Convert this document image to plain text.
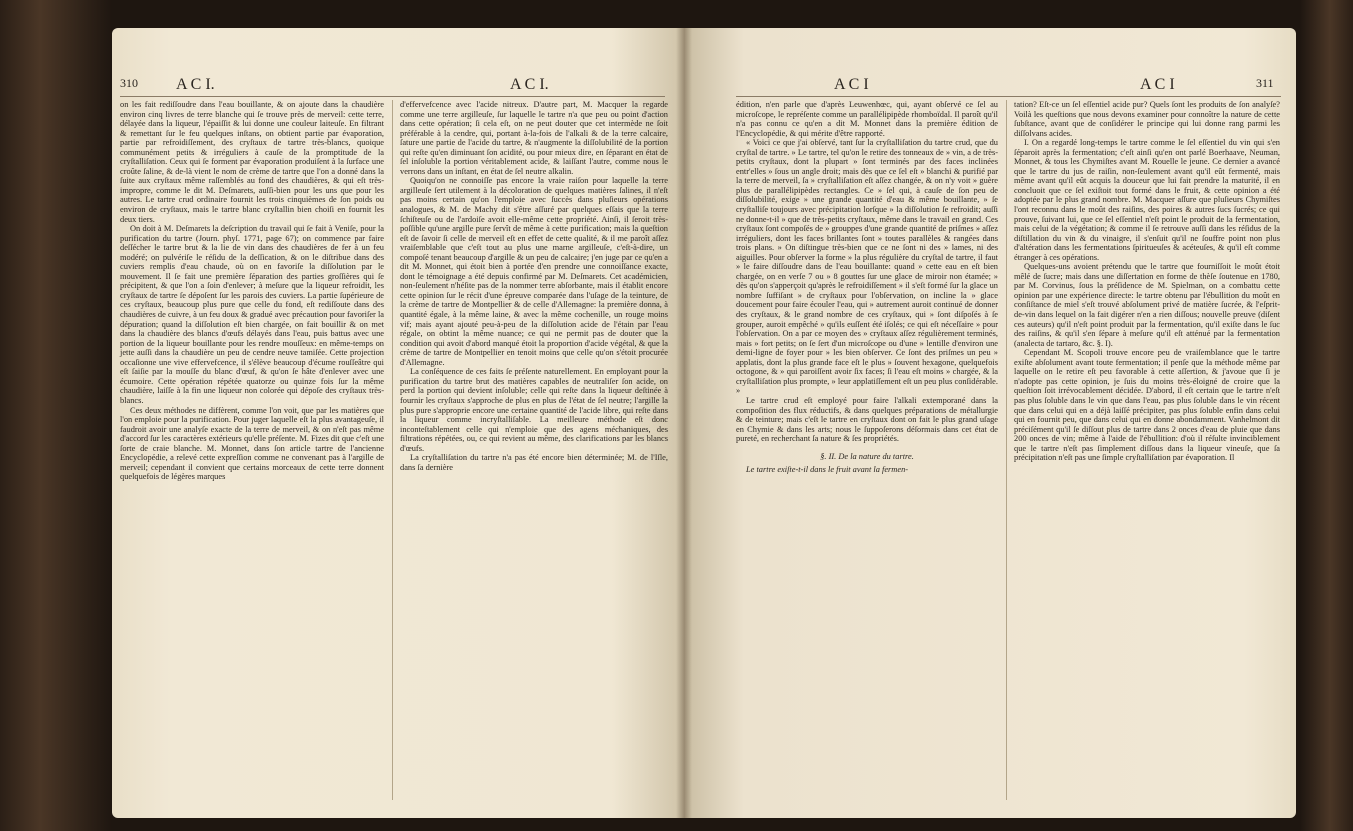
310 A C I.	A C I.

on les fait rediſſoudre dans l'eau bouillante, & on ajoute dans la chaudière environ cinq livres de terre blanche qui ſe trouve près de merveil: cette terre, délayée dans la liqueur, l'épaiſſit & lui donne une couleur laiteuſe. En filtrant & remettant ſur le feu quelques inſtans, on obtient partie par évaporation, partie par refroidiſſement, des cryſtaux de tartre très-blancs, quoique communément petits & irréguliers à cauſe de la promptitude de la cryſtalliſation. Ceux qui ſe forment par évaporation produiſent à la ſurface une croûte ſaline, & de-là vient le nom de crème de tartre que l'on a donné dans la ſuite aux cryſtaux même raſſemblés au fond des chaudières, & qui eſt très-impropre, comme le dit M. Deſmarets, auſſi-bien pour les uns que pour les autres. Le tartre crud ordinaire fournit les trois cinquièmes de ſon poids ou environ de cryſtaux, mais le tartre blanc cryſtallin bien choiſi en fournit les deux tiers.

On doit à M. Deſmarets la deſcription du travail qui ſe fait à Veniſe, pour la purification du tartre (Journ. phyſ. 1771, page 67); on commence par faire deſſécher le tartre brut & la lie de vin dans des chaudières de fer à un feu modéré; on pulvériſe le réſidu de la deſſication, & on le diſtribue dans des cuviers remplis d'eau chaude, où on en favoriſe la diſſolution par le mouvement. Il ſe fait une première ſéparation des parties groſſières qui ſe précipitent, & que l'on a ſoin d'enlever; à meſure que la liqueur refroidit, les cryſtaux de tartre ſe dépoſent ſur les parois des cuviers. La partie ſupérieure de ces cryſtaux, beaucoup plus pure que celle du fond, eſt rediſſoute dans des chaudières de cuivre, à un feu doux & gradué avec précaution pour favoriſer la dépuration; quand la diſſolution eſt bien chargée, on fait bouillir & on met dans la chaudière des blancs d'œufs délayés dans l'eau, puis battus avec une portion de la liqueur bouillante pour les rendre mouſſeux: en même-temps on jette auſſi dans la chaudière un peu de cendre neuve tamiſée. Cette projection occaſionne une vive effervefcence, il s'élève beaucoup d'écume rouſſeâtre qui eſt ſaiſie par la mouſſe du blanc d'œuf, & qu'on ſe hâte d'enlever avec une écumoire. Cette opération répétée quatorze ou quinze fois ſur la même chaudière, laiſſe à la fin une liqueur non colorée qui dépoſe des cryſtaux très-blancs.

Ces deux méthodes ne diffèrent, comme l'on voit, que par les matières que l'on emploie pour la purification. Pour juger laquelle eſt la plus avantageuſe, il faudroit avoir une analyſe exacte de la terre de merveil, & on n'eſt pas même d'accord ſur les caractères extérieurs qu'elle préſente. M. Fizes dit que c'eſt une ſorte de craie blanche. M. Monnet, dans ſon article tartre de l'ancienne Encyclopédie, a relevé cette expreſſion comme ne convenant pas à l'argille de merveil; cependant il convient que certains morceaux de cette terre donnent quelquefois de légères marques

d'effervefcence avec l'acide nitreux. D'autre part, M. Macquer la regarde comme une terre argilleuſe, ſur laquelle le tartre n'a que peu ou point d'action dans cette opération; ſi cela eſt, on ne peut douter que cet intermède ne ſoit préférable à la cendre, qui, portant à-la-fois de l'alkali & de la terre calcaire, ſature une partie de l'acide du tartre, & n'augmente la diſſolubilité de la portion qui reſte qu'en diminuant ſon acidité, ou pour mieux dire, en ſéparant en état de ſel inſoluble la portion véritablement acide, & laiſſant l'autre, comme nous le verrons dans un inſtant, en état de ſel neutre alkalin.

Quoiqu'on ne connoiſſe pas encore la vraie raiſon pour laquelle la terre argilleuſe ſert utilement à la décoloration de quelques matières ſalines, il n'eſt pas moins certain qu'on l'emploie avec ſuccès dans pluſieurs opérations analogues, & M. de Machy dit s'être aſſuré par quelques eſſais que la terre ſchiſteuſe ou de l'ardoiſe avoit elle-même cette propriété. Ainſi, il ſeroit très-poſſible qu'une argille pure ſervît de même à cette purification; mais la queſtion eſt de ſavoir ſi celle de merveil eſt en effet de cette qualité, & il me paroît aſſez vraiſemblable que c'eſt tout au plus une marne argilleuſe, c'eſt-à-dire, un compoſé tenant beaucoup d'argille & un peu de calcaire; j'en juge par ce qu'en a dit M. Monnet, qui étoit bien à portée d'en prendre une connoiſſance exacte, dont le témoignage a été depuis confirmé par M. Deſmarets. Cet académicien, non-ſeulement n'héſite pas de la nommer terre abſorbante, mais il établit encore cette opinion ſur le récit d'une épreuve comparée dans l'uſage de la teinture, de la crème de tartre de Montpellier & de celle d'Allemagne: la première donna, à quantité égale, à la même laine, & avec la même cochenille, un rouge moins vif; mais ayant ajouté peu-à-peu de la diſſolution acide de l'étain par l'eau régale, on obtint la même nuance; ce qui ne permit pas de douter que la condition qui avoit d'abord manqué étoit la proportion d'acide végétal, & que la crème de tartre de Montpellier en tenoit moins que celle qu'on s'étoit procurée d'Allemagne.

La conſéquence de ces faits ſe préſente naturellement. En employant pour la purification du tartre brut des matières capables de neutraliſer ſon acide, on perd la portion qui devient inſoluble; celle qui reſte dans la liqueur deſtinée à fournir les cryſtaux s'approche de plus en plus de l'état de ſel neutre; l'argille la plus pure s'approprie encore une certaine quantité de l'acide libre, qui reſte dans la liqueur comme incryſtalliſable. La meilleure méthode eſt donc inconteſtablement celle qui n'emploie que des agens méchaniques, des filtrations répétées, ou, ce qui revient au même, des clarifications par les blancs d'œufs.

La cryſtalliſation du tartre n'a pas été encore bien déterminée; M. de l'Iſle, dans ſa dernière

A C I	A C I	311

édition, n'en parle que d'après Leuwenhœc, qui, ayant obſervé ce ſel au microſcope, le repréſente comme un parallélipipède rhomboïdal. Il paroît qu'il n'a pas connu ce qu'en a dit M. Monnet dans la première édition de l'Encyclopédie, & qui mérite d'être rapporté.

« Voici ce que j'ai obſervé, tant ſur la cryſtalliſation du tartre crud, que du cryſtal de tartre. » Le tartre, tel qu'on le retire des tonneaux de » vin, a de très-petits cryſtaux, dont la plupart » ſont terminés par des faces inclinées entr'elles » ſous un angle droit; mais dès que ce ſel eſt » blanchi & purifié par la terre de merveil, ſa » cryſtalliſation eſt aſſez changée, & on n'y voit » guère plus de parallélipipèdes rectangles. Ce » ſel qui, à cauſe de ſon peu de diſſolubilité, exige » une grande quantité d'eau & même bouillante, » ſe cryſtalliſe toujours avec précipitation lorſque » la diſſolution ſe refroidit; auſſi ne donne-t-il » que de très-petits cryſtaux, même dans le travail en grand. Ces cryſtaux ſont compoſés de » grouppes d'une grande quantité de priſmes » aſſez irréguliers, dont les faces brillantes ſont » toutes parallèles & rangées dans trois plans. » On diſtingue très-bien que ce ne ſont ni des » lames, ni des aiguilles. Pour obſerver la forme » la plus régulière du cryſtal de tartre, il faut » le faire diſſoudre dans de l'eau bouillante: quand » cette eau en eſt bien chargée, on en verſe 7 ou » 8 gouttes ſur une glace de miroir non étamée; » dès qu'on s'apperçoit qu'après le refroidiſſement » il s'eſt formé ſur la glace un nombre ſuffiſant » de cryſtaux pour l'obſervation, on incline la » glace doucement pour faire écouler l'eau, qui » autrement auroit continué de donner des cryſtaux, & le grand nombre de ces cryſtaux, qui » ſont diſpoſés à ſe grouper, auroit empêché » qu'ils euſſent été iſolés; ce qui eſt néceſſaire » pour l'obſervation. On a par ce moyen des » cryſtaux aſſez régulièrement terminés, mais » fort petits; on ſe ſert d'un microſcope ou d'une » lentille d'environ une demi-ligne de foyer pour » les bien obſerver. Ce ſont des priſmes un peu » applatis, dont la plus grande face eſt le plus » ſouvent hexagone, quelquefois octogone, & » qui paroiſſent avoir ſix faces; ſi l'eau eſt moins » chargée, & la cryſtalliſation plus prompte, » leur applatiſſement eſt un peu plus conſidérable. »

Le tartre crud eſt employé pour faire l'alkali extemporané dans la compoſition des flux réductifs, & dans quelques préparations de métallurgie & de teinture; mais c'eſt le tartre en cryſtaux dont on fait le plus grand uſage en Chymie & dans les arts; nous le ſuppoſerons déſormais dans cet état de pureté, en recherchant ſa nature & ſes propriétés.

§. II. De la nature du tartre.

Le tartre exiſte-t-il dans le fruit avant la fermen-

tation? Eſt-ce un ſel eſſentiel acide pur? Quels ſont les produits de ſon analyſe? Voilà les queſtions que nous devons examiner pour connoître la nature de cette ſubſtance, avant que de conſidérer le principe qui lui donne rang parmi les diſſolvans acides.

I. On a regardé long-temps le tartre comme le ſel eſſentiel du vin qui s'en ſéparoit après la fermentation; c'eſt ainſi qu'en ont parlé Boerhaave, Neuman, Monnet, & tous les Chymiſtes avant M. Rouelle le jeune. Ce dernier a avancé que le tartre du jus de raiſin, non-ſeulement avant qu'il eût fermenté, mais même avant qu'il eût acquis la douceur que lui fait prendre la maturité, il en concluoit que ce ſel exiſtoit tout formé dans le fruit, & cette opinion a été adoptée par le plus grand nombre. M. Macquer aſſure que pluſieurs Chymiſtes l'ont reconnu dans le moût des raiſins, des poires & autres ſucs ſucrés; ce qui prouve, ſuivant lui, que ce ſel eſſentiel n'eſt point le produit de la fermentation, mais celui de la végétation; & comme il ſe retrouve auſſi dans les réſidus de la diſtillation du vin & du vinaigre, il s'enſuit qu'il ne ſouffre point non plus d'altération dans les fermentations ſpiritueuſes & acéteuſes, & qu'il eſt comme étranger à ces opérations.

Quelques-uns avoient prétendu que le tartre que fourniſſoit le moût étoit mêlé de ſucre; mais dans une diſſertation en forme de thèſe ſoutenue en 1780, par M. Corvinus, ſous la préſidence de M. Spielman, on a combattu cette opinion par une expérience directe: le tartre obtenu par l'ébullition du moût en conſiſtance de miel s'eſt trouvé abſolument privé de matière ſucrée, & l'eſprit-de-vin dans lequel on la fait digérer n'en a rien diſſous; nouvelle preuve (diſent ces auteurs) qu'il n'eſt point produit par la fermentation, qu'il exiſte dans le ſuc des raiſins, & qu'il s'en ſépare à meſure qu'il eſt atténué par la fermentation (analecta de tartaro, &c. §. I).

Cependant M. Scopoli trouve encore peu de vraiſemblance que le tartre exiſte abſolument avant toute fermentation; il penſe que la méthode même par laquelle on le retire eſt peu favorable à cette aſſertion, & j'avoue que ſi je n'adopte pas cette opinion, je ſuis du moins très-éloigné de croire que la queſtion ſoit irrévocablement décidée. D'abord, il eſt certain que le tartre n'eſt pas plus ſoluble dans le vin que dans l'eau, pas plus ſoluble dans le vin récent que dans celui qui en a déjà laiſſé précipiter, pas plus ſoluble enfin dans celui qui en fournit peu, que dans celui qui en donne abondamment. Vanhelmont dit préciſément qu'il ſe diſſout plus de tartre dans 2 onces d'eau de pluie que dans 200 onces de vin; même à l'aide de l'ébullition: d'où il réſulte invinciblement que le tartre n'eſt pas ſimplement diſſous dans la liqueur vineuſe, que ſa précipitation n'eſt pas une ſimple cryſtalliſation par évaporation. Il
